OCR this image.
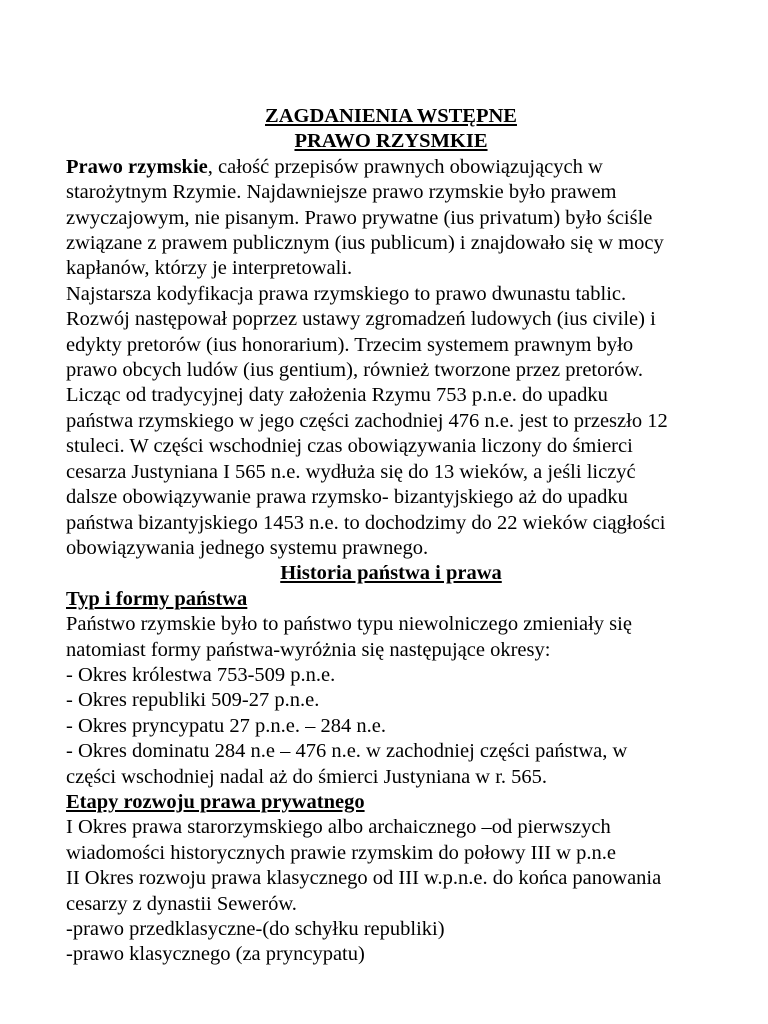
ZAGDANIENIA WSTĘPNE
PRAWO RZYSMKIE
Prawo rzymskie, całość przepisów prawnych obowiązujących w
starożytnym Rzymie. Najdawniejsze prawo rzymskie było prawem
zwyczajowym, nie pisanym. Prawo prywatne (ius privatum) było ściśle
związane z prawem publicznym (ius publicum) i znajdowało się w mocy
kapłanów, którzy je interpretowali.
Najstarsza kodyfikacja prawa rzymskiego to prawo dwunastu tablic.
Rozwój następował poprzez ustawy zgromadzeń ludowych (ius civile) i
edykty pretorów (ius honorarium). Trzecim systemem prawnym było
prawo obcych ludów (ius gentium), również tworzone przez pretorów.
Licząc od tradycyjnej daty założenia Rzymu 753 p.n.e. do upadku
państwa rzymskiego w jego części zachodniej 476 n.e. jest to przeszło 12
stuleci. W części wschodniej czas obowiązywania liczony do śmierci
cesarza Justyniana I 565 n.e. wydłuża się do 13 wieków, a jeśli liczyć
dalsze obowiązywanie prawa rzymsko- bizantyjskiego aż do upadku
państwa bizantyjskiego 1453 n.e. to dochodzimy do 22 wieków ciągłości
obowiązywania jednego systemu prawnego.
Historia państwa i prawa
Typ i formy państwa
Państwo rzymskie było to państwo typu niewolniczego zmieniały się
natomiast formy państwa-wyróżnia się następujące okresy:
- Okres królestwa 753-509 p.n.e.
- Okres republiki 509-27 p.n.e.
- Okres pryncypatu 27 p.n.e. – 284 n.e.
- Okres dominatu 284 n.e – 476 n.e. w zachodniej części państwa, w
części wschodniej nadal aż do śmierci Justyniana w r. 565.
Etapy rozwoju prawa prywatnego
I Okres prawa starorzymskiego albo archaicznego –od pierwszych
wiadomości historycznych prawie rzymskim do połowy III w p.n.e
II Okres rozwoju prawa klasycznego od III w.p.n.e. do końca panowania
cesarzy z dynastii Sewerów.
-prawo przedklasyczne-(do schyłku republiki)
-prawo klasycznego (za pryncypatu)
